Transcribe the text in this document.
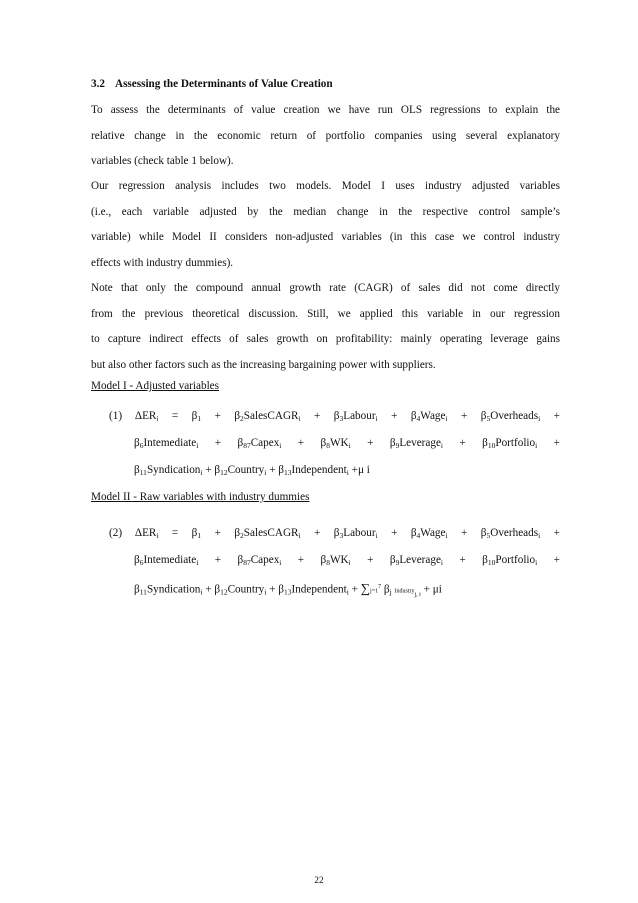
3.2 Assessing the Determinants of Value Creation
To assess the determinants of value creation we have run OLS regressions to explain the
relative change in the economic return of portfolio companies using several explanatory
variables (check table 1 below).
Our regression analysis includes two models. Model I uses industry adjusted variables
(i.e., each variable adjusted by the median change in the respective control sample’s
variable) while Model II considers non-adjusted variables (in this case we control industry
effects with industry dummies).
Note that only the compound annual growth rate (CAGR) of sales did not come directly
from the previous theoretical discussion. Still, we applied this variable in our regression
to capture indirect effects of sales growth on profitability: mainly operating leverage gains
but also other factors such as the increasing bargaining power with suppliers.
Model I - Adjusted variables
(1) $\Delta ER_i = \beta_1$ + $\beta_2SalesCAGR_i$ + $\beta_3Labour_i$ + $\beta_4Wage_i$ + $\beta_5Overheads_i$ +
$\beta_6Intemediate_i$ + $\beta_{87}Capex_i + \beta_8WK_i$ + $\beta_9Leverage_i$ + $\beta_{10}Portfolio_i$ +
$\beta_{11}Syndication_i$ + $\beta_{12}Country_i$ + $\beta_{13}Independent_i +\mu$ i
Model II - Raw variables with industry dummies
(2) $\Delta ER_i = \beta_1$ + $\beta_2SalesCAGR_i$ + $\beta_3Labour_i$ + $\beta_4Wage_i$ + $\beta_5Overheads_i$ +
$\beta_6Intemediate_i$ + $\beta_{87}Capex_i + \beta_8WK_i$ + $\beta_9Leverage_i$ + $\beta_{10}Portfolio_i$ +
$\beta_{11}Syndication_i$ + $\beta_{12}Country_i$ + $\beta_{13}Independent_i + \sum j=1^7$ $\beta_j$ Industry$_{j, i}$ + μi
22
